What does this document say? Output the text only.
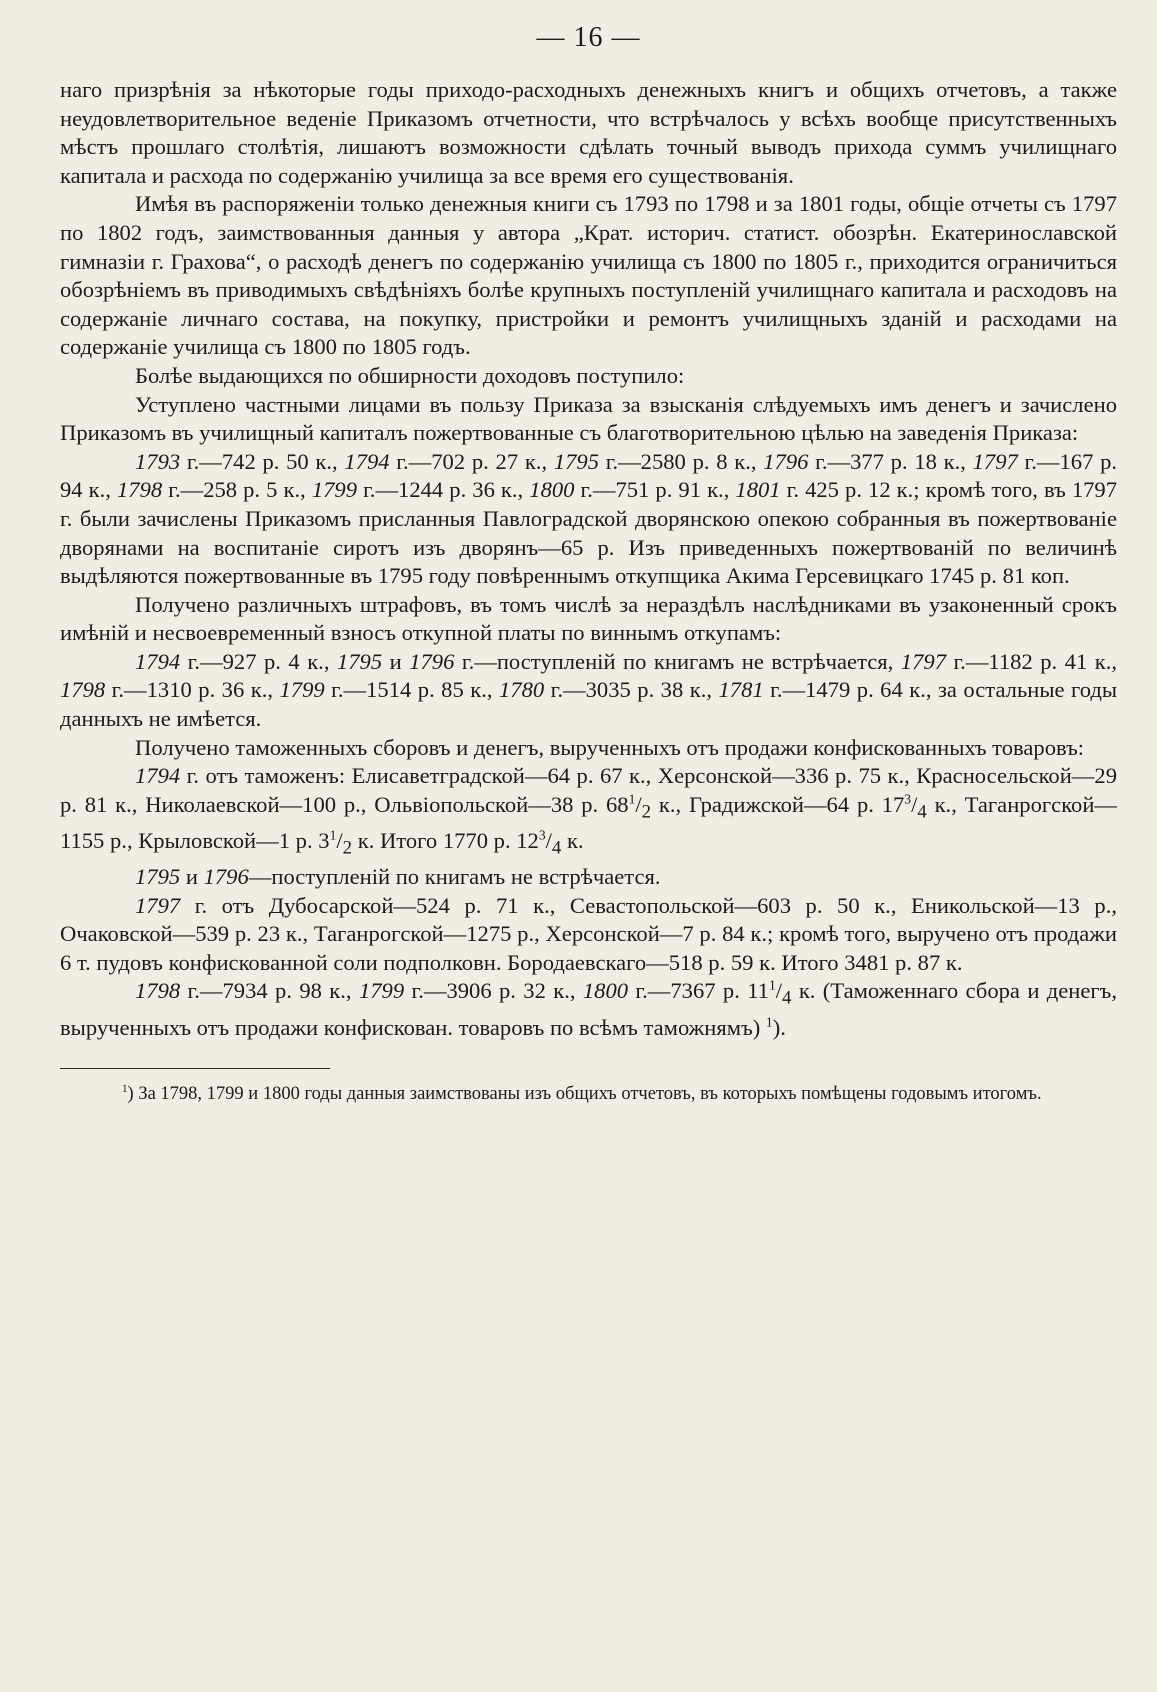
— 16 —

наго призрѣнія за нѣкоторые годы приходо-расходныхъ денежныхъ книгъ и общихъ отчетовъ, а также неудовлетворительное веденіе Приказомъ отчетности, что встрѣчалось у всѣхъ вообще присутственныхъ мѣстъ прошлаго столѣтія, лишаютъ возможности сдѣлать точный выводъ прихода суммъ училищнаго капитала и расхода по содержанію училища за все время его существованія.

Имѣя въ распоряженіи только денежныя книги съ 1793 по 1798 и за 1801 годы, общіе отчеты съ 1797 по 1802 годъ, заимствованныя данныя у автора „Крат. историч. статист. обозрѣн. Екатеринославской гимназіи г. Грахова“, о расходѣ денегъ по содержанію училища съ 1800 по 1805 г., приходится ограничиться обозрѣніемъ въ приводимыхъ свѣдѣніяхъ болѣе крупныхъ поступленій училищнаго капитала и расходовъ на содержаніе личнаго состава, на покупку, пристройки и ремонтъ училищныхъ зданій и расходами на содержаніе училища съ 1800 по 1805 годъ.

Болѣе выдающихся по обширности доходовъ поступило:

Уступлено частными лицами въ пользу Приказа за взысканія слѣдуемыхъ имъ денегъ и зачислено Приказомъ въ училищный капиталъ пожертвованные съ благотворительною цѣлью на заведенія Приказа:

1793 г.—742 р. 50 к., 1794 г.—702 р. 27 к., 1795 г.—2580 р. 8 к., 1796 г.—377 р. 18 к., 1797 г.—167 р. 94 к., 1798 г.—258 р. 5 к., 1799 г.—1244 р. 36 к., 1800 г.—751 р. 91 к., 1801 г. 425 р. 12 к.; кромѣ того, въ 1797 г. были зачислены Приказомъ присланныя Павлоградской дворянскою опекою собранныя въ пожертвованіе дворянами на воспитаніе сиротъ изъ дворянъ—65 р. Изъ приведенныхъ пожертвованій по величинѣ выдѣляются пожертвованные въ 1795 году повѣреннымъ откупщика Акима Герсевицкаго 1745 р. 81 коп.

Получено различныхъ штрафовъ, въ томъ числѣ за нераздѣлъ наслѣдниками въ узаконенный срокъ имѣній и несвоевременный взносъ откупной платы по виннымъ откупамъ:

1794 г.—927 р. 4 к., 1795 и 1796 г.—поступленій по книгамъ не встрѣчается, 1797 г.—1182 р. 41 к., 1798 г.—1310 р. 36 к., 1799 г.—1514 р. 85 к., 1780 г.—3035 р. 38 к., 1781 г.—1479 р. 64 к., за остальные годы данныхъ не имѣется.

Получено таможенныхъ сборовъ и денегъ, вырученныхъ отъ продажи конфискованныхъ товаровъ:

1794 г. отъ таможенъ: Елисаветградской—64 р. 67 к., Херсонской—336 р. 75 к., Красносельской—29 р. 81 к., Николаевской—100 р., Ольвіопольской—38 р. $68^1/_2$ к., Градижской—64 р. $17^3/_4$ к., Таганрогской—1155 р., Крыловской—1 р. $3^1/_2$ к. Итого 1770 р. $12^3/_4$ к.

1795 и 1796—поступленій по книгамъ не встрѣчается.

1797 г. отъ Дубосарской—524 р. 71 к., Севастопольской—603 р. 50 к., Еникольской—13 р., Очаковской—539 р. 23 к., Таганрогской—1275 р., Херсонской—7 р. 84 к.; кромѣ того, выручено отъ продажи 6 т. пудовъ конфискованной соли подполковн. Бородаевскаго—518 р. 59 к. Итого 3481 р. 87 к.

1798 г.—7934 р. 98 к., 1799 г.—3906 р. 32 к., 1800 г.—7367 р. $11^1/_4$ к. (Таможеннаго сбора и денегъ, вырученныхъ отъ продажи конфискован. товаровъ по всѣмъ таможнямъ) $^1$).

$^1$) За 1798, 1799 и 1800 годы данныя заимствованы изъ общихъ отчетовъ, въ которыхъ помѣщены годовымъ итогомъ.
